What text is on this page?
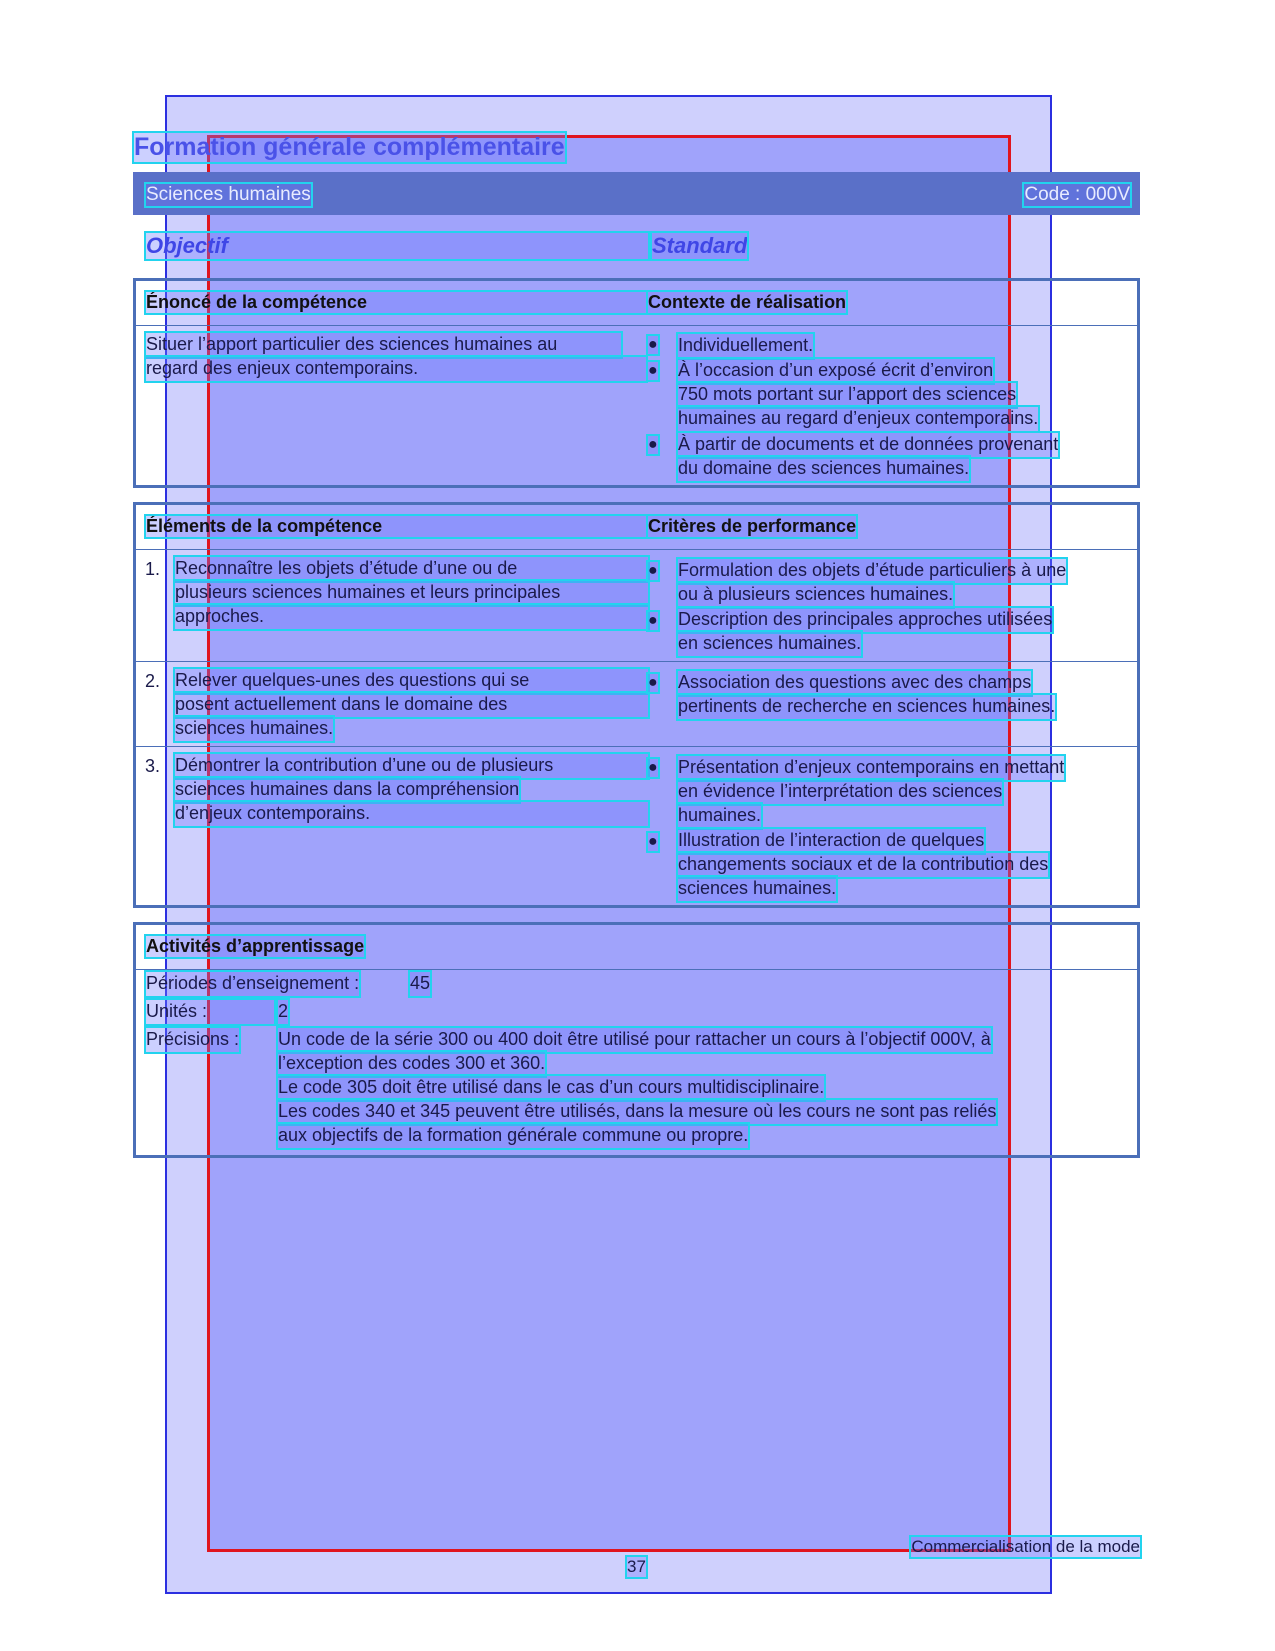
Formation générale complémentaire
Sciences humaines	Code : 000V
Objectif	Standard
Énoncé de la compétence	Contexte de réalisation
Situer l’apport particulier des sciences humaines au
regard des enjeux contemporains.
● Individuellement.
● À l’occasion d’un exposé écrit d’environ
750 mots portant sur l’apport des sciences
humaines au regard d’enjeux contemporains.
● À partir de documents et de données provenant
du domaine des sciences humaines.
Éléments de la compétence	Critères de performance
1. Reconnaître les objets d’étude d’une ou de
plusieurs sciences humaines et leurs principales
approches.
● Formulation des objets d’étude particuliers à une
ou à plusieurs sciences humaines.
● Description des principales approches utilisées
en sciences humaines.
2. Relever quelques-unes des questions qui se
posent actuellement dans le domaine des
sciences humaines.
● Association des questions avec des champs
pertinents de recherche en sciences humaines.
3. Démontrer la contribution d’une ou de plusieurs
sciences humaines dans la compréhension
d’enjeux contemporains.
● Présentation d’enjeux contemporains en mettant
en évidence l’interprétation des sciences
humaines.
● Illustration de l’interaction de quelques
changements sociaux et de la contribution des
sciences humaines.
Activités d’apprentissage
Périodes d’enseignement :	45
Unités :	2
Précisions : Un code de la série 300 ou 400 doit être utilisé pour rattacher un cours à l’objectif 000V, à
l’exception des codes 300 et 360.
Le code 305 doit être utilisé dans le cas d’un cours multidisciplinaire.
Les codes 340 et 345 peuvent être utilisés, dans la mesure où les cours ne sont pas reliés
aux objectifs de la formation générale commune ou propre.
Commercialisation de la mode
37
